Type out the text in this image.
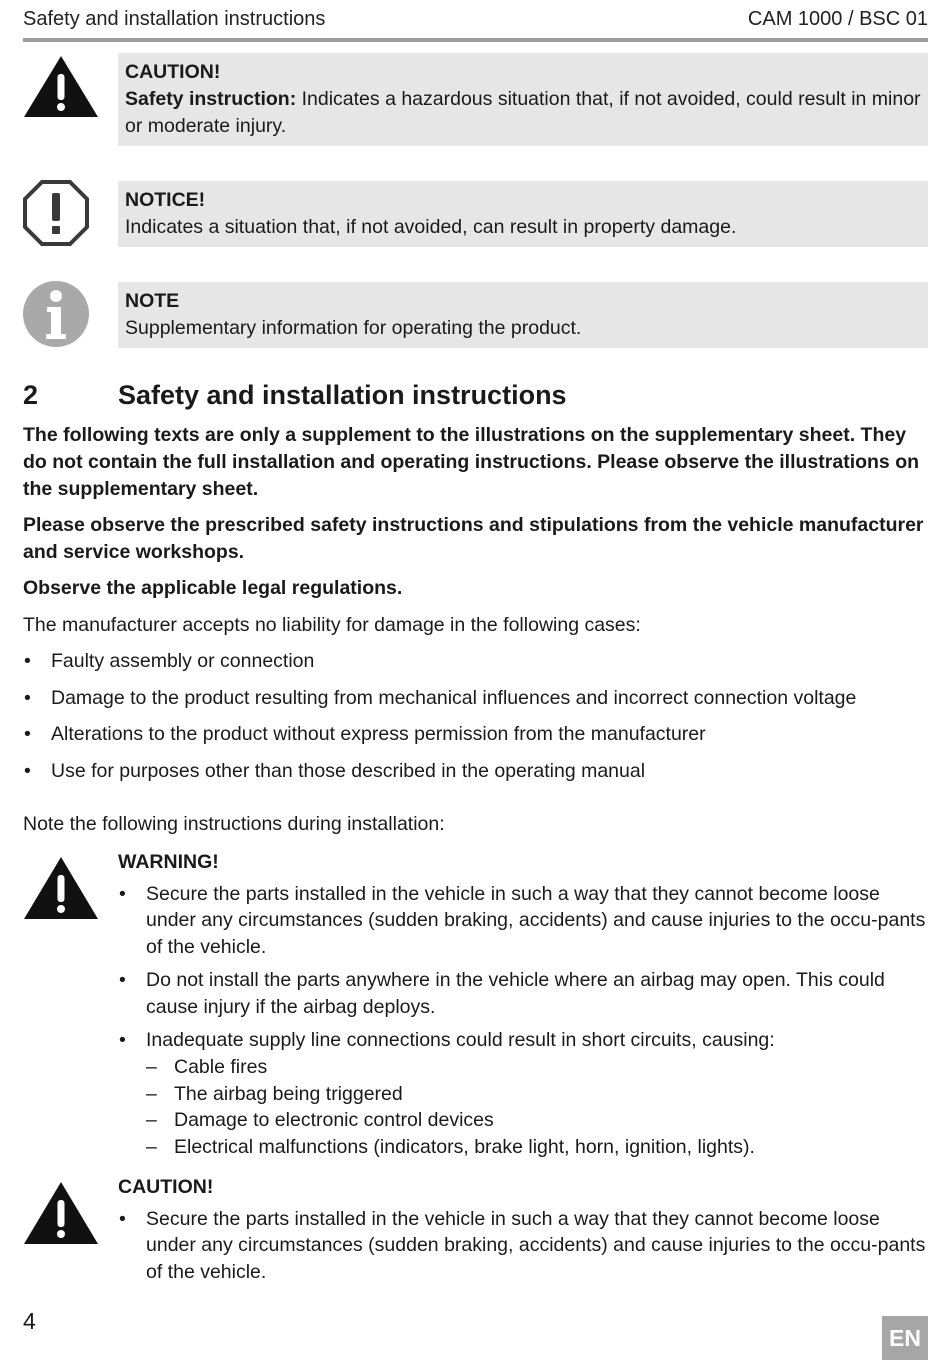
Safety and installation instructions	CAM 1000 / BSC 01
CAUTION!
Safety instruction: Indicates a hazardous situation that, if not avoided, could result in minor or moderate injury.
NOTICE!
Indicates a situation that, if not avoided, can result in property damage.
NOTE
Supplementary information for operating the product.
2	Safety and installation instructions
The following texts are only a supplement to the illustrations on the supplementary sheet. They do not contain the full installation and operating instructions. Please observe the illustrations on the supplementary sheet.
Please observe the prescribed safety instructions and stipulations from the vehicle manufacturer and service workshops.
Observe the applicable legal regulations.
The manufacturer accepts no liability for damage in the following cases:
• Faulty assembly or connection
• Damage to the product resulting from mechanical influences and incorrect connection voltage
• Alterations to the product without express permission from the manufacturer
• Use for purposes other than those described in the operating manual
Note the following instructions during installation:
WARNING!
• Secure the parts installed in the vehicle in such a way that they cannot become loose under any circumstances (sudden braking, accidents) and cause injuries to the occu-pants of the vehicle.
• Do not install the parts anywhere in the vehicle where an airbag may open. This could cause injury if the airbag deploys.
• Inadequate supply line connections could result in short circuits, causing:
– Cable fires
– The airbag being triggered
– Damage to electronic control devices
– Electrical malfunctions (indicators, brake light, horn, ignition, lights).
CAUTION!
• Secure the parts installed in the vehicle in such a way that they cannot become loose under any circumstances (sudden braking, accidents) and cause injuries to the occu-pants of the vehicle.
4
EN
